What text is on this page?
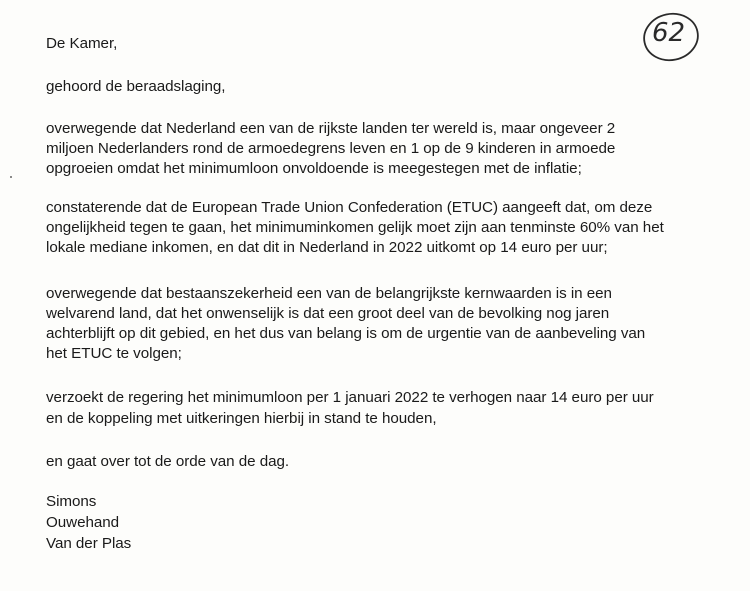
De Kamer,	62
gehoord de beraadslaging,
overwegende dat Nederland een van de rijkste landen ter wereld is, maar ongeveer 2
miljoen Nederlanders rond de armoedegrens leven en 1 op de 9 kinderen in armoede
opgroeien omdat het minimumloon onvoldoende is meegestegen met de inflatie;
constaterende dat de European Trade Union Confederation (ETUC) aangeeft dat, om deze
ongelijkheid tegen te gaan, het minimuminkomen gelijk moet zijn aan tenminste 60% van het
lokale mediane inkomen, en dat dit in Nederland in 2022 uitkomt op 14 euro per uur;
overwegende dat bestaanszekerheid een van de belangrijkste kernwaarden is in een
welvarend land, dat het onwenselijk is dat een groot deel van de bevolking nog jaren
achterblijft op dit gebied, en het dus van belang is om de urgentie van de aanbeveling van
het ETUC te volgen;
verzoekt de regering het minimumloon per 1 januari 2022 te verhogen naar 14 euro per uur
en de koppeling met uitkeringen hierbij in stand te houden,
en gaat over tot de orde van de dag.
Simons
Ouwehand
Van der Plas
